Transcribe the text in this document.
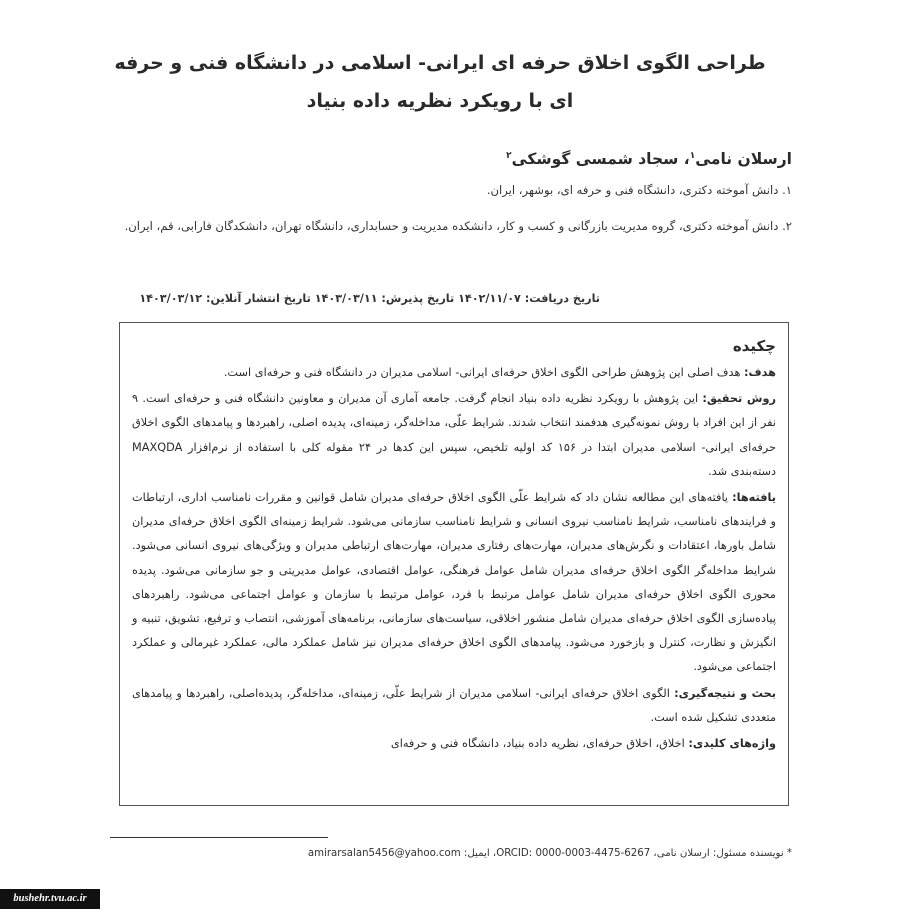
طراحی الگوی اخلاق حرفه ای ایرانی- اسلامی در دانشگاه فنی و حرفه ای با رویکرد نظریه داده بنیاد
ارسلان نامی$^۱$، سجاد شمسی گوشکی$^۲$
۱. دانش آموخته دکتری، دانشگاه فنی و حرفه ای، بوشهر، ایران.
۲. دانش آموخته دکتری، گروه مدیریت بازرگانی و کسب و کار، دانشکده مدیریت و حسابداری، دانشگاه تهران، دانشکدگان فارابی، قم، ایران.
تاریخ دریافت: ۱۴۰۲/۱۱/۰۷ تاریخ پذیرش: ۱۴۰۳/۰۳/۱۱ تاریخ انتشار آنلاین: ۱۴۰۳/۰۳/۱۲
چکیده

هدف: هدف اصلی این پژوهش طراحی الگوی اخلاق حرفه‌ای ایرانی- اسلامی مدیران در دانشگاه فنی و حرفه‌ای است.

روش تحقیق: این پژوهش با رویکرد نظریه داده بنیاد انجام گرفت. جامعه آماری آن مدیران و معاونین دانشگاه فنی و حرفه‌ای است. ۹ نفر از این افراد با روش نمونه‌گیری هدفمند انتخاب شدند. شرایط علّی، مداخله‌گر، زمینه‌ای، پدیده اصلی، راهبردها و پیامدهای الگوی اخلاق حرفه‌ای ایرانی- اسلامی مدیران ابتدا در ۱۵۶ کد اولیه تلخیص، سپس این کدها در ۲۴ مقوله کلی با استفاده از نرم‌افزار MAXQDA دسته‌بندی شد.

یافته‌ها: یافته‌های این مطالعه نشان داد که شرایط علّی الگوی اخلاق حرفه‌ای مدیران شامل قوانین و مقررات نامناسب اداری، ارتباطات و فرایندهای نامناسب، شرایط نامناسب نیروی انسانی و شرایط نامناسب سازمانی می‌شود. شرایط زمینه‌ای الگوی اخلاق حرفه‌ای مدیران شامل باورها، اعتقادات و نگرش‌های مدیران، مهارت‌های رفتاری مدیران، مهارت‌های ارتباطی مدیران و ویژگی‌های نیروی انسانی می‌شود. شرایط مداخله‌گر الگوی اخلاق حرفه‌ای مدیران شامل عوامل فرهنگی، عوامل اقتصادی، عوامل مدیریتی و جو سازمانی می‌شود. پدیده محوری الگوی اخلاق حرفه‌ای مدیران شامل عوامل مرتبط با فرد، عوامل مرتبط با سازمان و عوامل اجتماعی می‌شود. راهبردهای پیاده‌سازی الگوی اخلاق حرفه‌ای مدیران شامل منشور اخلاقی، سیاست‌های سازمانی، برنامه‌های آموزشی، انتصاب و ترفیع، تشویق، تنبیه و انگیزش و نظارت، کنترل و بازخورد می‌شود. پیامدهای الگوی اخلاق حرفه‌ای مدیران نیز شامل عملکرد مالی، عملکرد غیرمالی و عملکرد اجتماعی می‌شود.

بحث و نتیجه‌گیری: الگوی اخلاق حرفه‌ای ایرانی- اسلامی مدیران از شرایط علّی، زمینه‌ای، مداخله‌گر، پدیده‌اصلی، راهبردها و پیامدهای متعددی تشکیل شده است.

واژه‌های کلیدی: اخلاق، اخلاق حرفه‌ای، نظریه داده بنیاد، دانشگاه فنی و حرفه‌ای

* نویسنده مسئول: ارسلان نامی، ORCID: 0000-0003-4475-6267، ایمیل: amirarsalan5456@yahoo.com
bushehr.tvu.ac.ir
